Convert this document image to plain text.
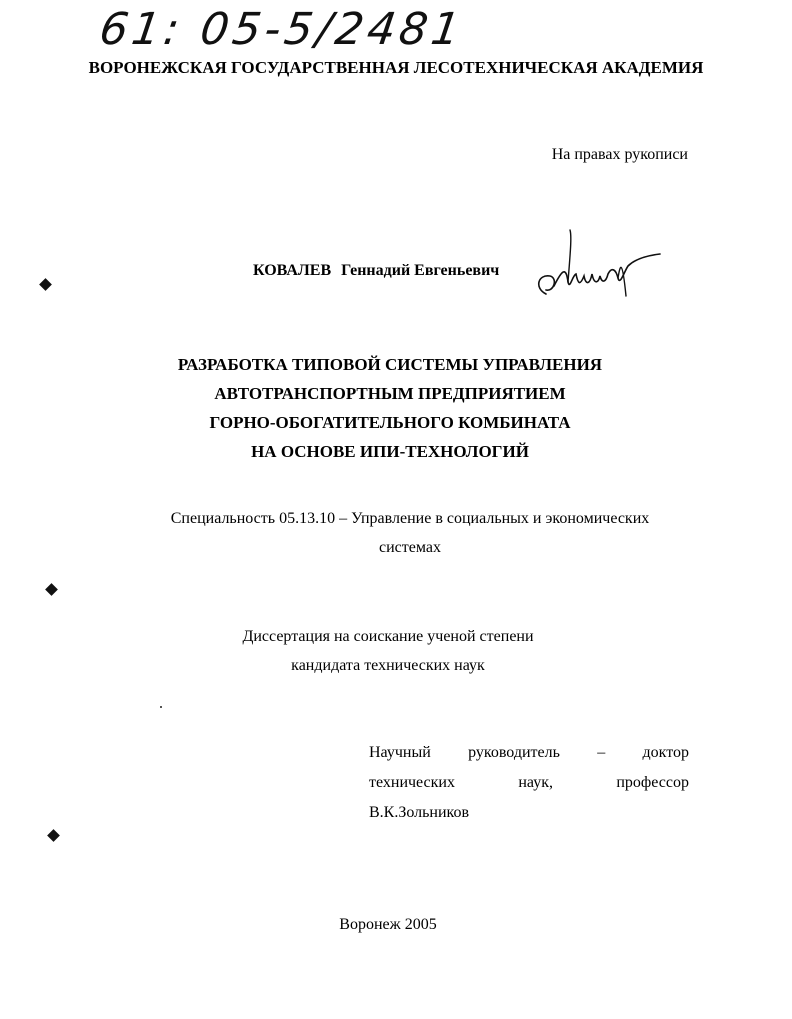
61: 05-5/2481
ВОРОНЕЖСКАЯ ГОСУДАРСТВЕННАЯ ЛЕСОТЕХНИЧЕСКАЯ АКАДЕМИЯ
На правах рукописи
КОВАЛЕВ Геннадий Евгеньевич
РАЗРАБОТКА ТИПОВОЙ СИСТЕМЫ УПРАВЛЕНИЯ
АВТОТРАНСПОРТНЫМ ПРЕДПРИЯТИЕМ
ГОРНО-ОБОГАТИТЕЛЬНОГО КОМБИНАТА
НА ОСНОВЕ ИПИ-ТЕХНОЛОГИЙ
Специальность 05.13.10 – Управление в социальных и экономических
системах
Диссертация на соискание ученой степени
кандидата технических наук
Научный руководитель – доктор
технических	наук,	профессор
В.К.Зольников
Воронеж 2005
